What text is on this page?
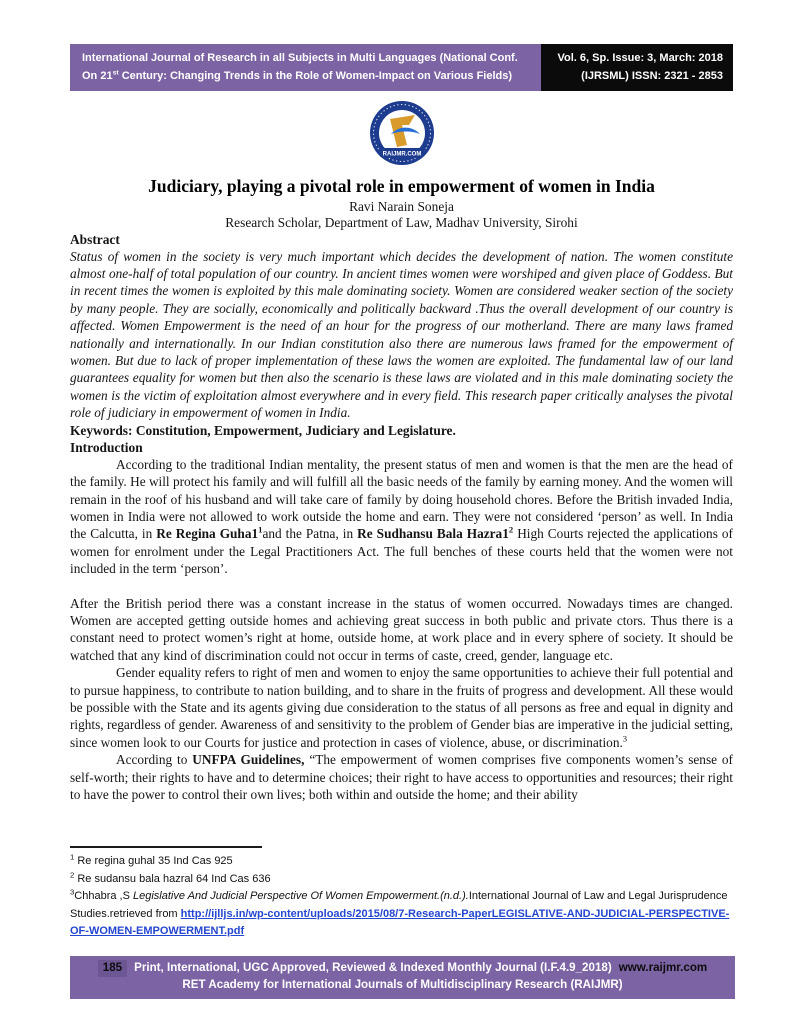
International Journal of Research in all Subjects in Multi Languages (National Conf. On 21st Century: Changing Trends in the Role of Women-Impact on Various Fields)
Vol. 6, Sp. Issue: 3, March: 2018
(IJRSML) ISSN: 2321 - 2853
RAIJMR.COM
Judiciary, playing a pivotal role in empowerment of women in India
Ravi Narain Soneja
Research Scholar, Department of Law, Madhav University, Sirohi
Abstract

Status of women in the society is very much important which decides the development of nation. The women constitute almost one-half of total population of our country. In ancient times women were worshiped and given place of Goddess. But in recent times the women is exploited by this male dominating society. Women are considered weaker section of the society by many people. They are socially, economically and politically backward .Thus the overall development of our country is affected. Women Empowerment is the need of an hour for the progress of our motherland. There are many laws framed nationally and internationally. In our Indian constitution also there are numerous laws framed for the empowerment of women. But due to lack of proper implementation of these laws the women are exploited. The fundamental law of our land guarantees equality for women but then also the scenario is these laws are violated and in this male dominating society the women is the victim of exploitation almost everywhere and in every field. This research paper critically analyses the pivotal role of judiciary in empowerment of women in India.

Keywords: Constitution, Empowerment, Judiciary and Legislature.
Introduction

According to the traditional Indian mentality, the present status of men and women is that the men are the head of the family. He will protect his family and will fulfill all the basic needs of the family by earning money. And the women will remain in the roof of his husband and will take care of family by doing household chores. Before the British invaded India, women in India were not allowed to work outside the home and earn. They were not considered ‘person’ as well. In India the Calcutta, in Re Regina $Guha1^1and$ the Patna, in Re Sudhansu Bala $Hazra1^2$ High Courts rejected the applications of women for enrolment under the Legal Practitioners Act. The full benches of these courts held that the women were not included in the term ‘person’.

After the British period there was a constant increase in the status of women occurred. Nowadays times are changed. Women are accepted getting outside homes and achieving great success in both public and private ctors. Thus there is a constant need to protect women’s right at home, outside home, at work place and in every sphere of society. It should be watched that any kind of discrimination could not occur in terms of caste, creed, gender, language etc.

Gender equality refers to right of men and women to enjoy the same opportunities to achieve their full potential and to pursue happiness, to contribute to nation building, and to share in the fruits of progress and development. All these would be possible with the State and its agents giving due consideration to the status of all persons as free and equal in dignity and rights, regardless of gender. Awareness of and sensitivity to the problem of Gender bias are imperative in the judicial setting, since women look to our Courts for justice and protection in cases of violence, abuse, or discrimination.$^3$

According to UNFPA Guidelines, “The empowerment of women comprises five components women’s sense of self-worth; their rights to have and to determine choices; their right to have access to opportunities and resources; their right to have the power to control their own lives; both within and outside the home; and their ability

$^1$ Re regina guhal 35 Ind Cas 925
$^2$ Re sudansu bala hazral 64 Ind Cas 636
$^3$Chhabra ,S Legislative And Judicial Perspective Of Women Empowerment.(n.d.).International Journal of Law and Legal Jurisprudence Studies.retrieved from http://ijlljs.in/wp-content/uploads/2015/08/7-Research-PaperLEGISLATIVE-AND-JUDICIAL-PERSPECTIVE-OF-WOMEN-EMPOWERMENT.pdf
185	Print, International, UGC Approved, Reviewed & Indexed Monthly Journal (I.F.4.9_2018) www.raijmr.com
RET Academy for International Journals of Multidisciplinary Research (RAIJMR)
